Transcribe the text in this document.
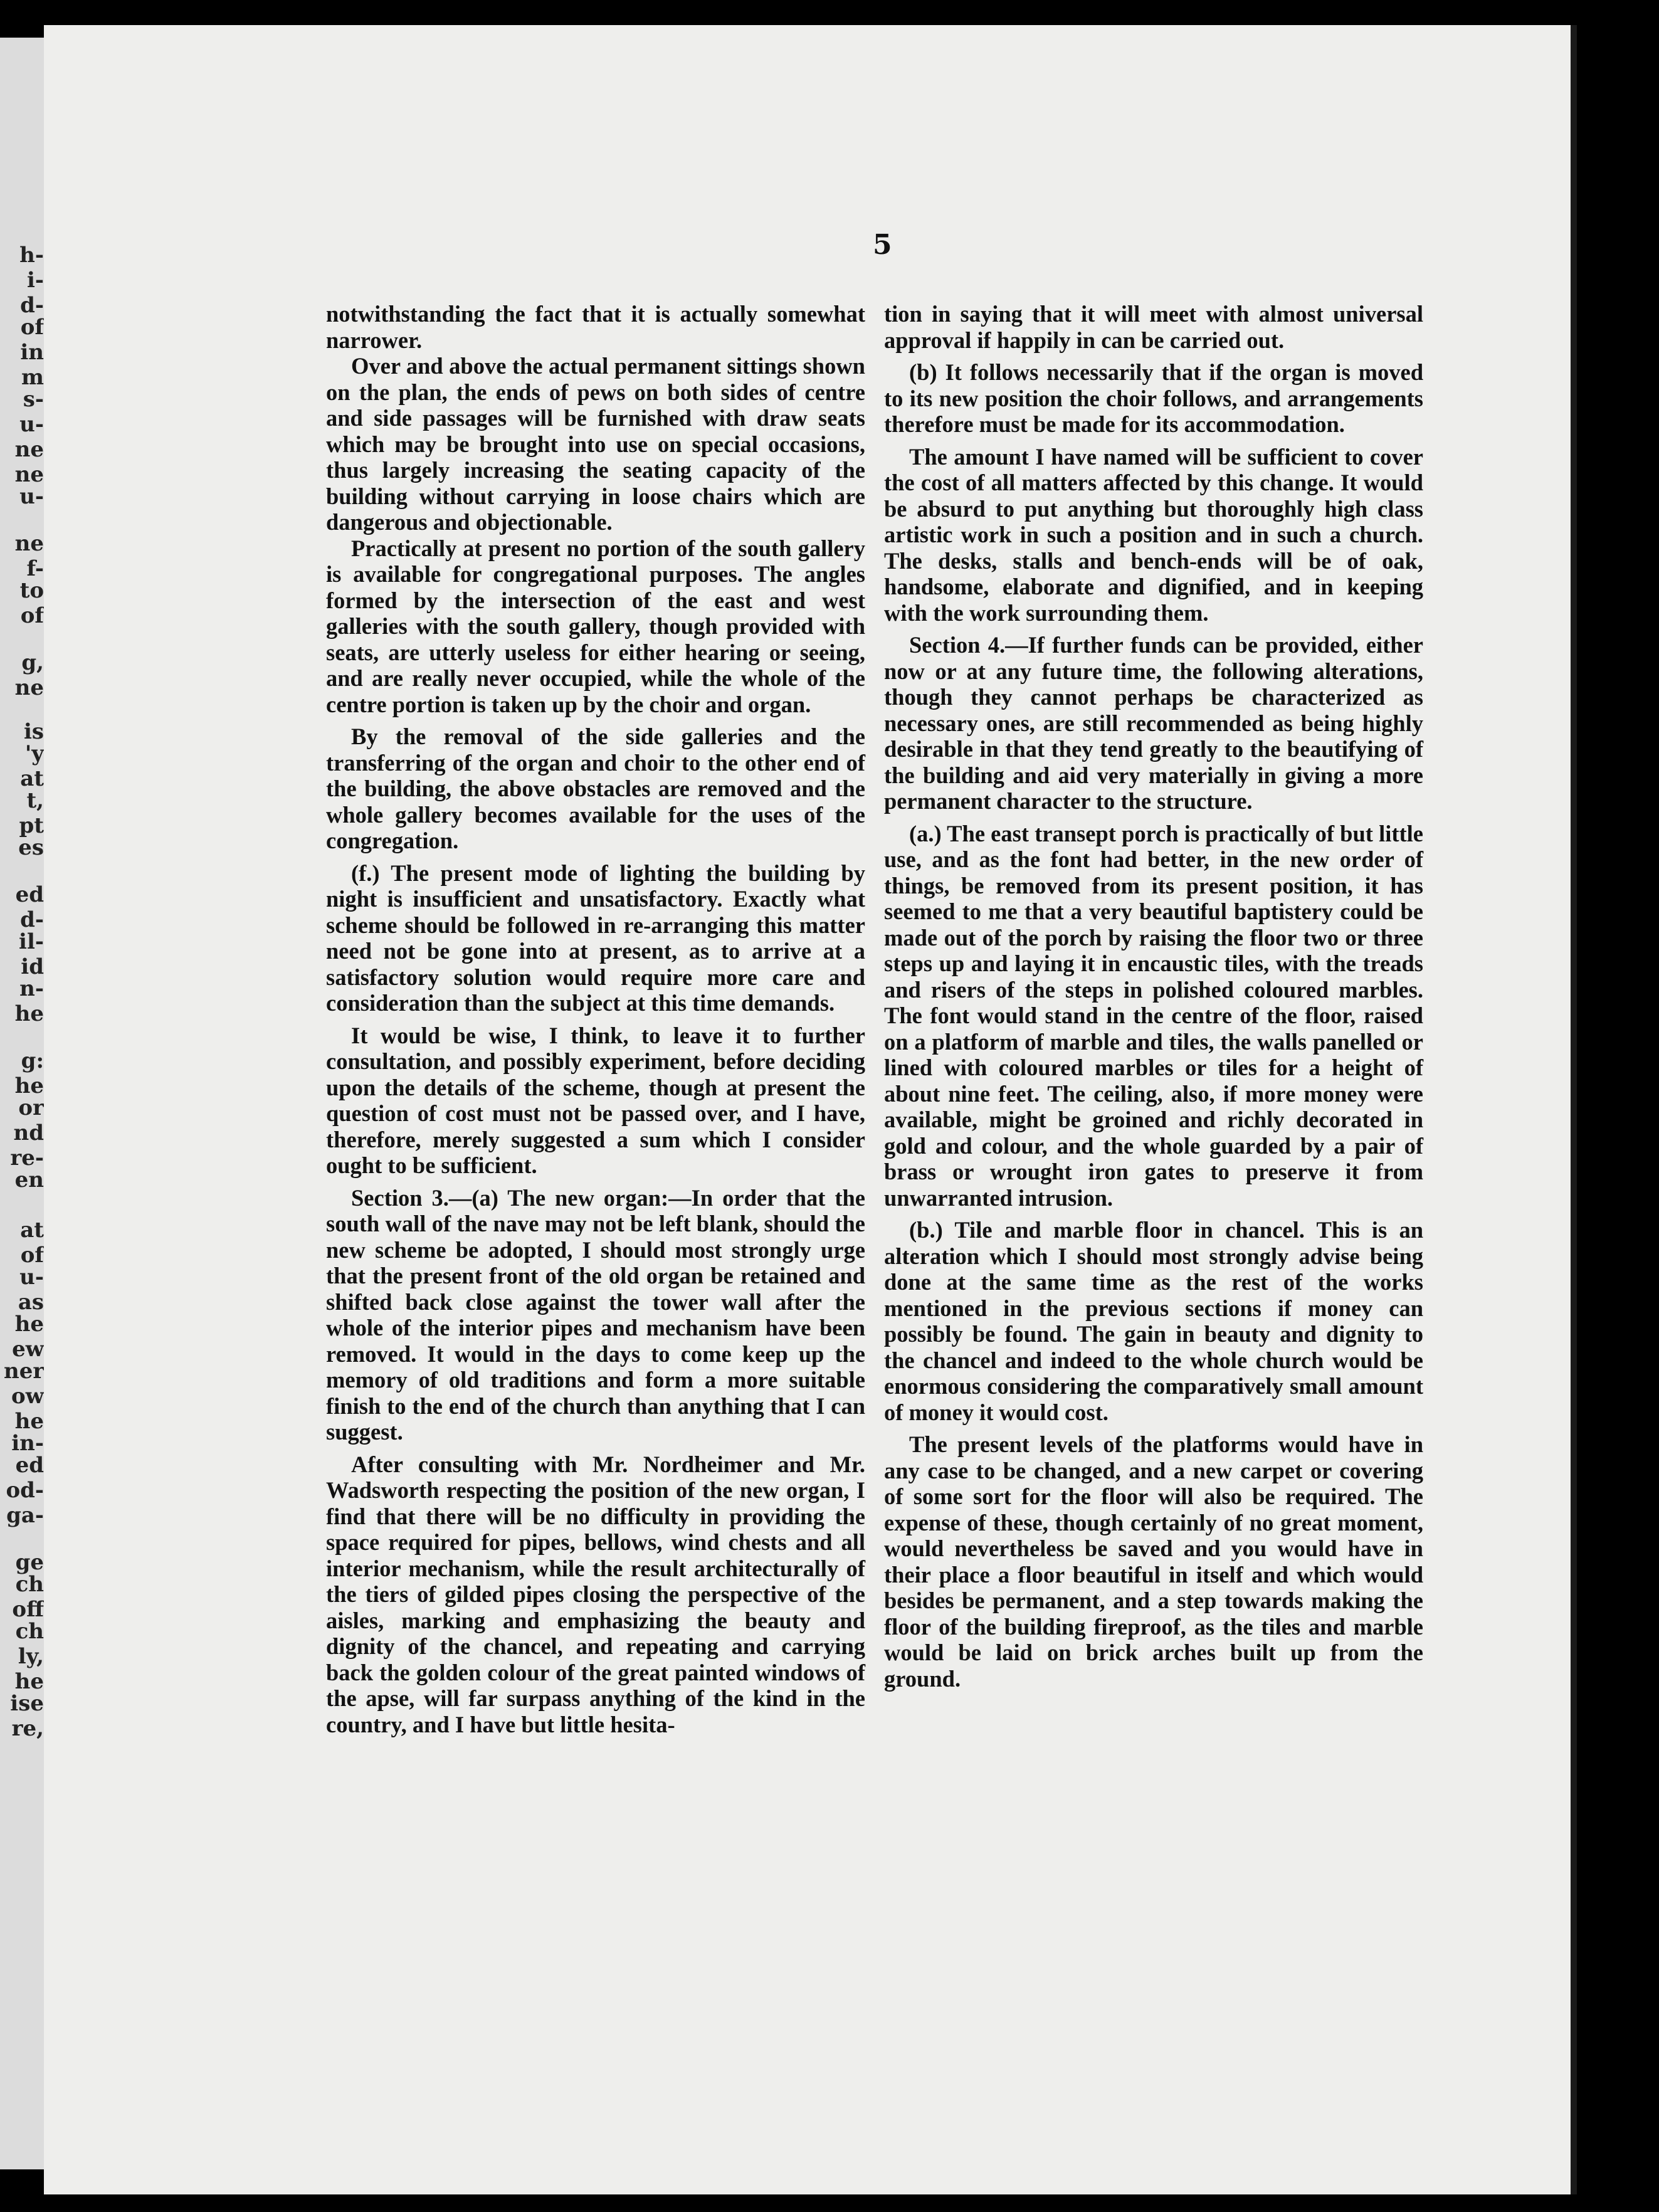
h-
i-
d-
of
in
m
s-
u-
ne
ne
u-
ne
f-
to
of
g,
ne
is
'y
at
t,
pt
es
ed
d-
il-
id
n-
he
g:
he
or
nd
re-
en
at
of
u-
as
he
ew
ner
ow
he
in-
ed
od-
ga-
ge
ch
off
ch
ly,
he
ise
re,
5

notwithstanding the fact that it is actually somewhat narrower.

Over and above the actual permanent sittings shown on the plan, the ends of pews on both sides of centre and side passages will be furnished with draw seats which may be brought into use on special occasions, thus largely increasing the seating capacity of the building without carrying in loose chairs which are dangerous and objectionable.

Practically at present no portion of the south gallery is available for congregational purposes. The angles formed by the intersection of the east and west galleries with the south gallery, though provided with seats, are utterly useless for either hearing or seeing, and are really never occupied, while the whole of the centre portion is taken up by the choir and organ.

By the removal of the side galleries and the transferring of the organ and choir to the other end of the building, the above obstacles are removed and the whole gallery becomes available for the uses of the congregation.

(f.) The present mode of lighting the building by night is insufficient and unsatisfactory. Exactly what scheme should be followed in re-arranging this matter need not be gone into at present, as to arrive at a satisfactory solution would require more care and consideration than the subject at this time demands.

It would be wise, I think, to leave it to further consultation, and possibly experiment, before deciding upon the details of the scheme, though at present the question of cost must not be passed over, and I have, therefore, merely suggested a sum which I consider ought to be sufficient.

Section 3.—(a) The new organ:—In order that the south wall of the nave may not be left blank, should the new scheme be adopted, I should most strongly urge that the present front of the old organ be retained and shifted back close against the tower wall after the whole of the interior pipes and mechanism have been removed. It would in the days to come keep up the memory of old traditions and form a more suitable finish to the end of the church than anything that I can suggest.

After consulting with Mr. Nordheimer and Mr. Wadsworth respecting the position of the new organ, I find that there will be no difficulty in providing the space required for pipes, bellows, wind chests and all interior mechanism, while the result architecturally of the tiers of gilded pipes closing the perspective of the aisles, marking and emphasizing the beauty and dignity of the chancel, and repeating and carrying back the golden colour of the great painted windows of the apse, will far surpass anything of the kind in the country, and I have but little hesita-

tion in saying that it will meet with almost universal approval if happily in can be carried out.

(b) It follows necessarily that if the organ is moved to its new position the choir follows, and arrangements therefore must be made for its accommodation.

The amount I have named will be sufficient to cover the cost of all matters affected by this change. It would be absurd to put anything but thoroughly high class artistic work in such a position and in such a church. The desks, stalls and bench-ends will be of oak, handsome, elaborate and dignified, and in keeping with the work surrounding them.

Section 4.—If further funds can be provided, either now or at any future time, the following alterations, though they cannot perhaps be characterized as necessary ones, are still recommended as being highly desirable in that they tend greatly to the beautifying of the building and aid very materially in giving a more permanent character to the structure.

(a.) The east transept porch is practically of but little use, and as the font had better, in the new order of things, be removed from its present position, it has seemed to me that a very beautiful baptistery could be made out of the porch by raising the floor two or three steps up and laying it in encaustic tiles, with the treads and risers of the steps in polished coloured marbles. The font would stand in the centre of the floor, raised on a platform of marble and tiles, the walls panelled or lined with coloured marbles or tiles for a height of about nine feet. The ceiling, also, if more money were available, might be groined and richly decorated in gold and colour, and the whole guarded by a pair of brass or wrought iron gates to preserve it from unwarranted intrusion.

(b.) Tile and marble floor in chancel. This is an alteration which I should most strongly advise being done at the same time as the rest of the works mentioned in the previous sections if money can possibly be found. The gain in beauty and dignity to the chancel and indeed to the whole church would be enormous considering the comparatively small amount of money it would cost.

The present levels of the platforms would have in any case to be changed, and a new carpet or covering of some sort for the floor will also be required. The expense of these, though certainly of no great moment, would nevertheless be saved and you would have in their place a floor beautiful in itself and which would besides be permanent, and a step towards making the floor of the building fireproof, as the tiles and marble would be laid on brick arches built up from the ground.
